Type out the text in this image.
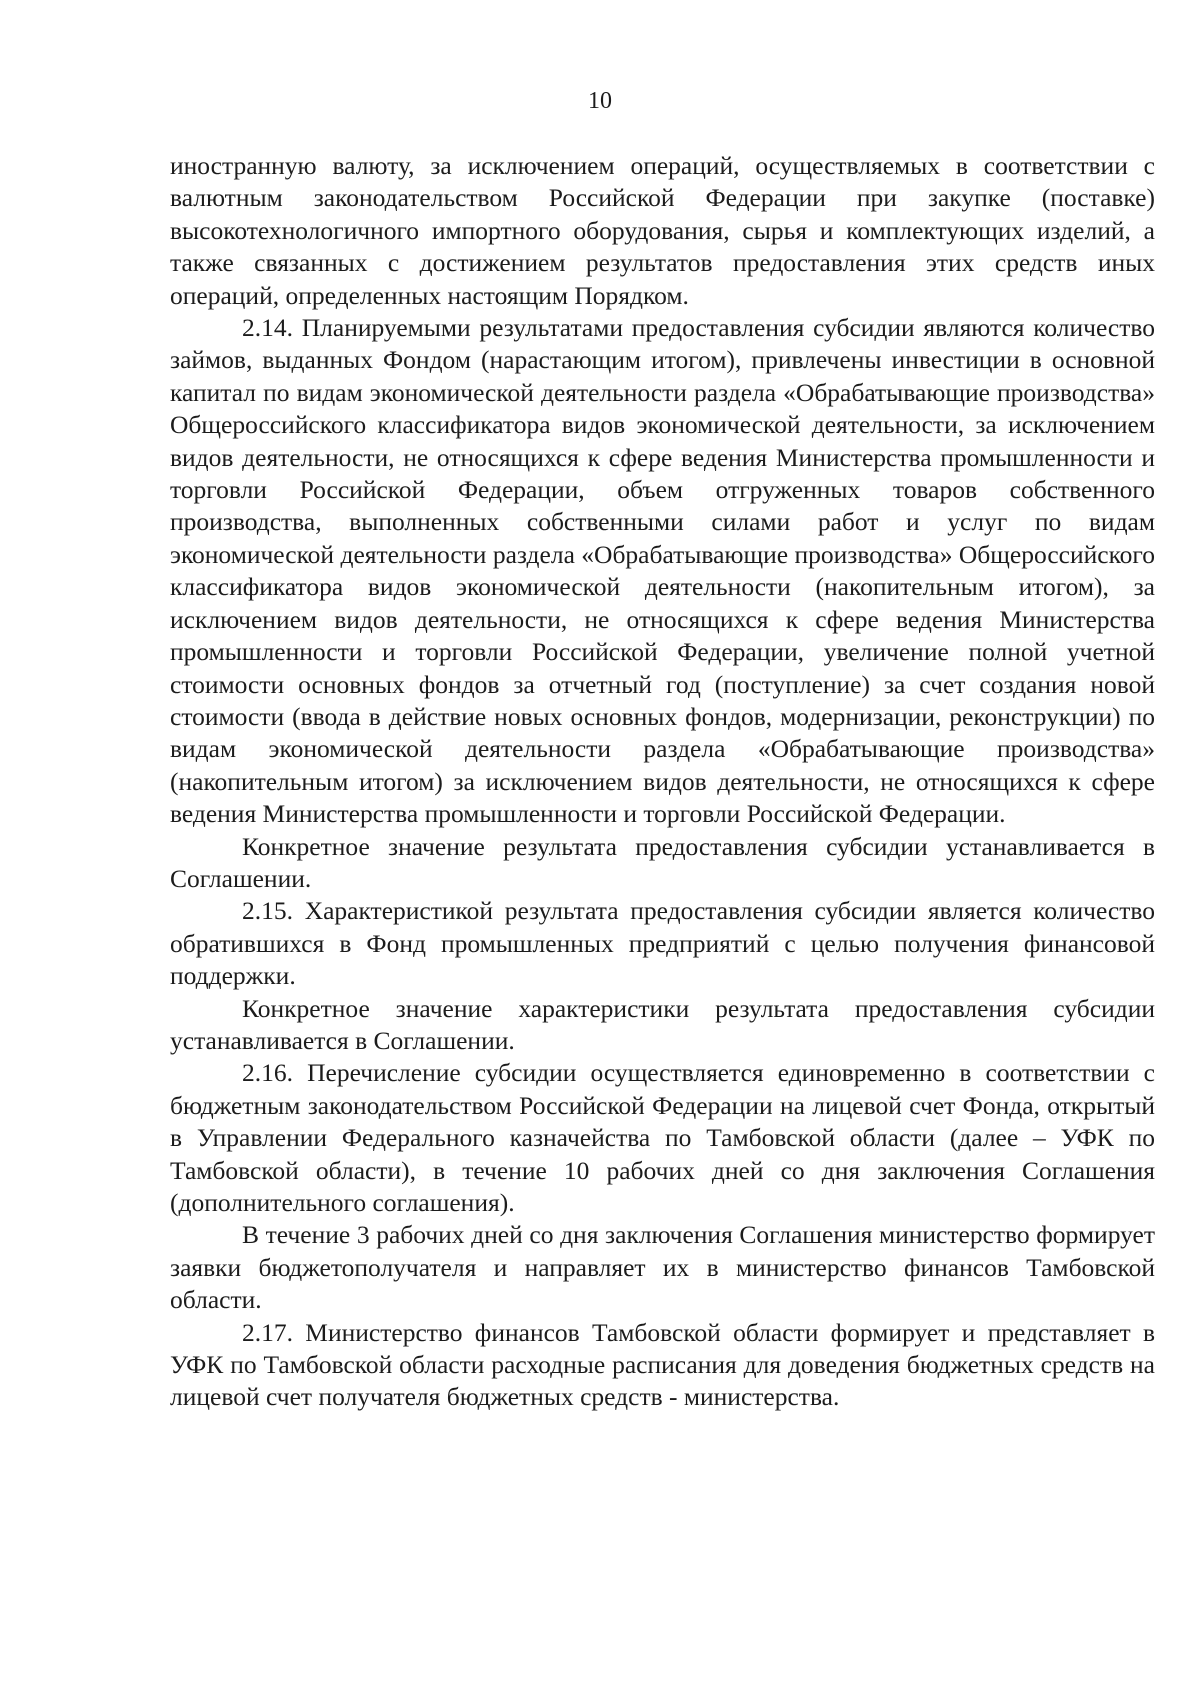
10

иностранную валюту, за исключением операций, осуществляемых в соответствии с валютным законодательством Российской Федерации при закупке (поставке) высокотехнологичного импортного оборудования, сырья и комплектующих изделий, а также связанных с достижением результатов предоставления этих средств иных операций, определенных настоящим Порядком.

2.14. Планируемыми результатами предоставления субсидии являются количество займов, выданных Фондом (нарастающим итогом), привлечены инвестиции в основной капитал по видам экономической деятельности раздела «Обрабатывающие производства» Общероссийского классификатора видов экономической деятельности, за исключением видов деятельности, не относящихся к сфере ведения Министерства промышленности и торговли Российской Федерации, объем отгруженных товаров собственного производства, выполненных собственными силами работ и услуг по видам экономической деятельности раздела «Обрабатывающие производства» Общероссийского классификатора видов экономической деятельности (накопительным итогом), за исключением видов деятельности, не относящихся к сфере ведения Министерства промышленности и торговли Российской Федерации, увеличение полной учетной стоимости основных фондов за отчетный год (поступление) за счет создания новой стоимости (ввода в действие новых основных фондов, модернизации, реконструкции) по видам экономической деятельности раздела «Обрабатывающие производства» (накопительным итогом) за исключением видов деятельности, не относящихся к сфере ведения Министерства промышленности и торговли Российской Федерации.

Конкретное значение результата предоставления субсидии устанавливается в Соглашении.

2.15. Характеристикой результата предоставления субсидии является количество обратившихся в Фонд промышленных предприятий с целью получения финансовой поддержки.

Конкретное значение характеристики результата предоставления субсидии устанавливается в Соглашении.

2.16. Перечисление субсидии осуществляется единовременно в соответствии с бюджетным законодательством Российской Федерации на лицевой счет Фонда, открытый в Управлении Федерального казначейства по Тамбовской области (далее – УФК по Тамбовской области), в течение 10 рабочих дней со дня заключения Соглашения (дополнительного соглашения).

В течение 3 рабочих дней со дня заключения Соглашения министерство формирует заявки бюджетополучателя и направляет их в министерство финансов Тамбовской области.

2.17. Министерство финансов Тамбовской области формирует и представляет в УФК по Тамбовской области расходные расписания для доведения бюджетных средств на лицевой счет получателя бюджетных средств - министерства.
